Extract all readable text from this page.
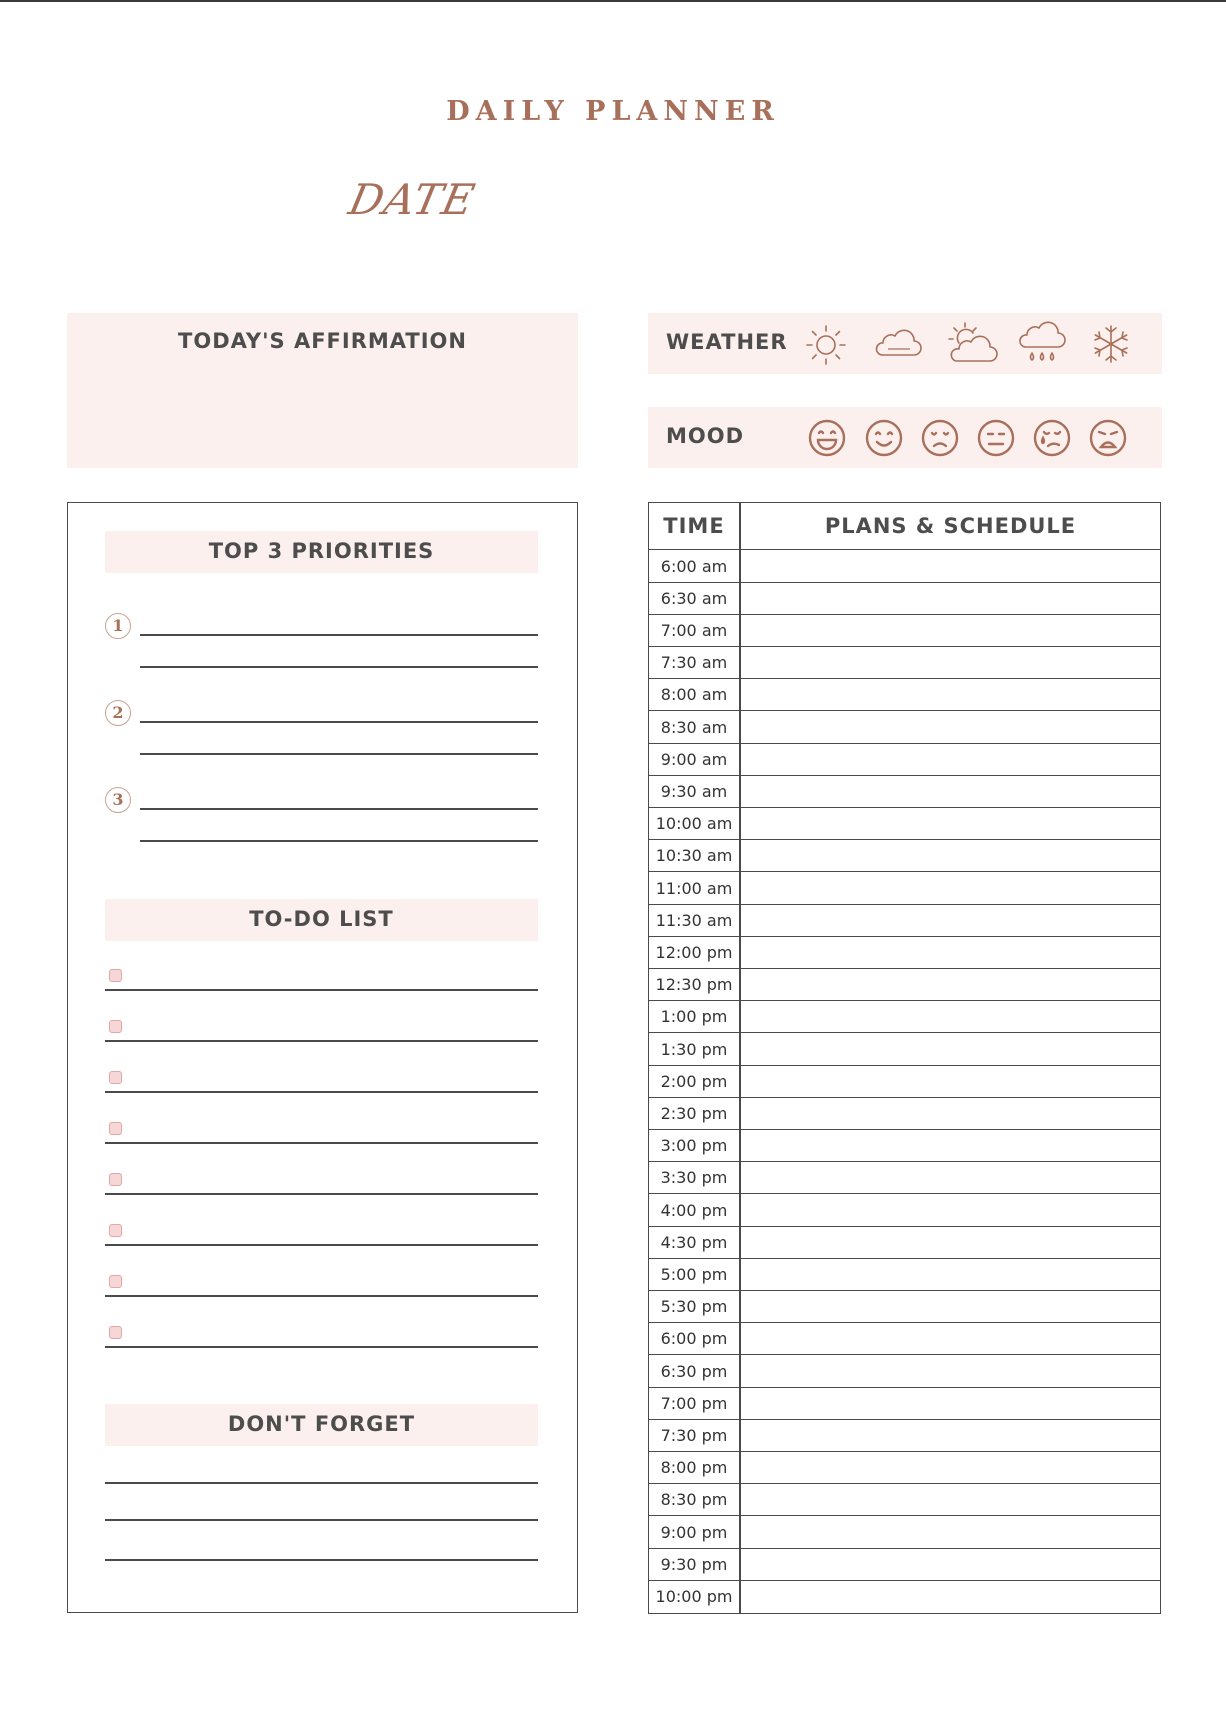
DAILY PLANNER
DATE
TODAY'S AFFIRMATION	WEATHER
MOOD
TOP 3 PRIORITIES
1
2
3
TO-DO LIST
DON'T FORGET
TIME	PLANS & SCHEDULE
6:00 am
6:30 am
7:00 am
7:30 am
8:00 am
8:30 am
9:00 am
9:30 am
10:00 am
10:30 am
11:00 am
11:30 am
12:00 pm
12:30 pm
1:00 pm
1:30 pm
2:00 pm
2:30 pm
3:00 pm
3:30 pm
4:00 pm
4:30 pm
5:00 pm
5:30 pm
6:00 pm
6:30 pm
7:00 pm
7:30 pm
8:00 pm
8:30 pm
9:00 pm
9:30 pm
10:00 pm
